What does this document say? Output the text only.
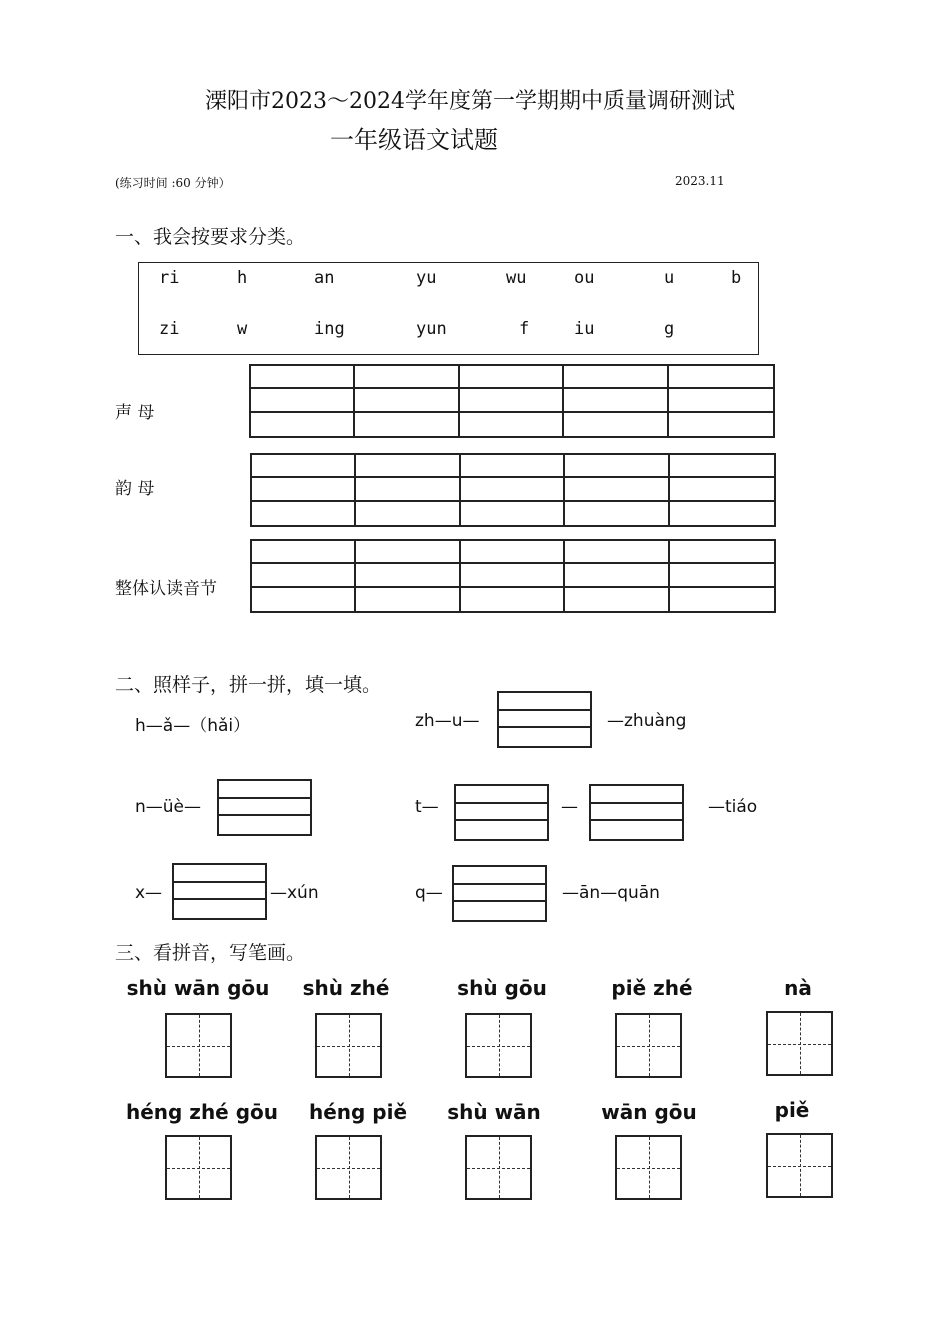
溧阳市2023～2024学年度第一学期期中质量调研测试
一年级语文试题
(练习时间 :60 分钟）	2023.11
一、我会按要求分类。
ri	h	an	yu	wu	ou	u	b
zi	w	ing	yun	f	iu	g
声 母
韵 母
整体认读音节
二、照样子，拼一拼，填一填。
h—ǎ—（hǎi）	zh—u—	—zhuàng
n—üè—	t—	—	—tiáo
x—	—xún	q—	—ān—quān
三、看拼音，写笔画。
shù wān gōu	shù zhé	shù gōu	piě zhé	nà
héng zhé gōu	héng piě	shù wān	wān gōu	piě
